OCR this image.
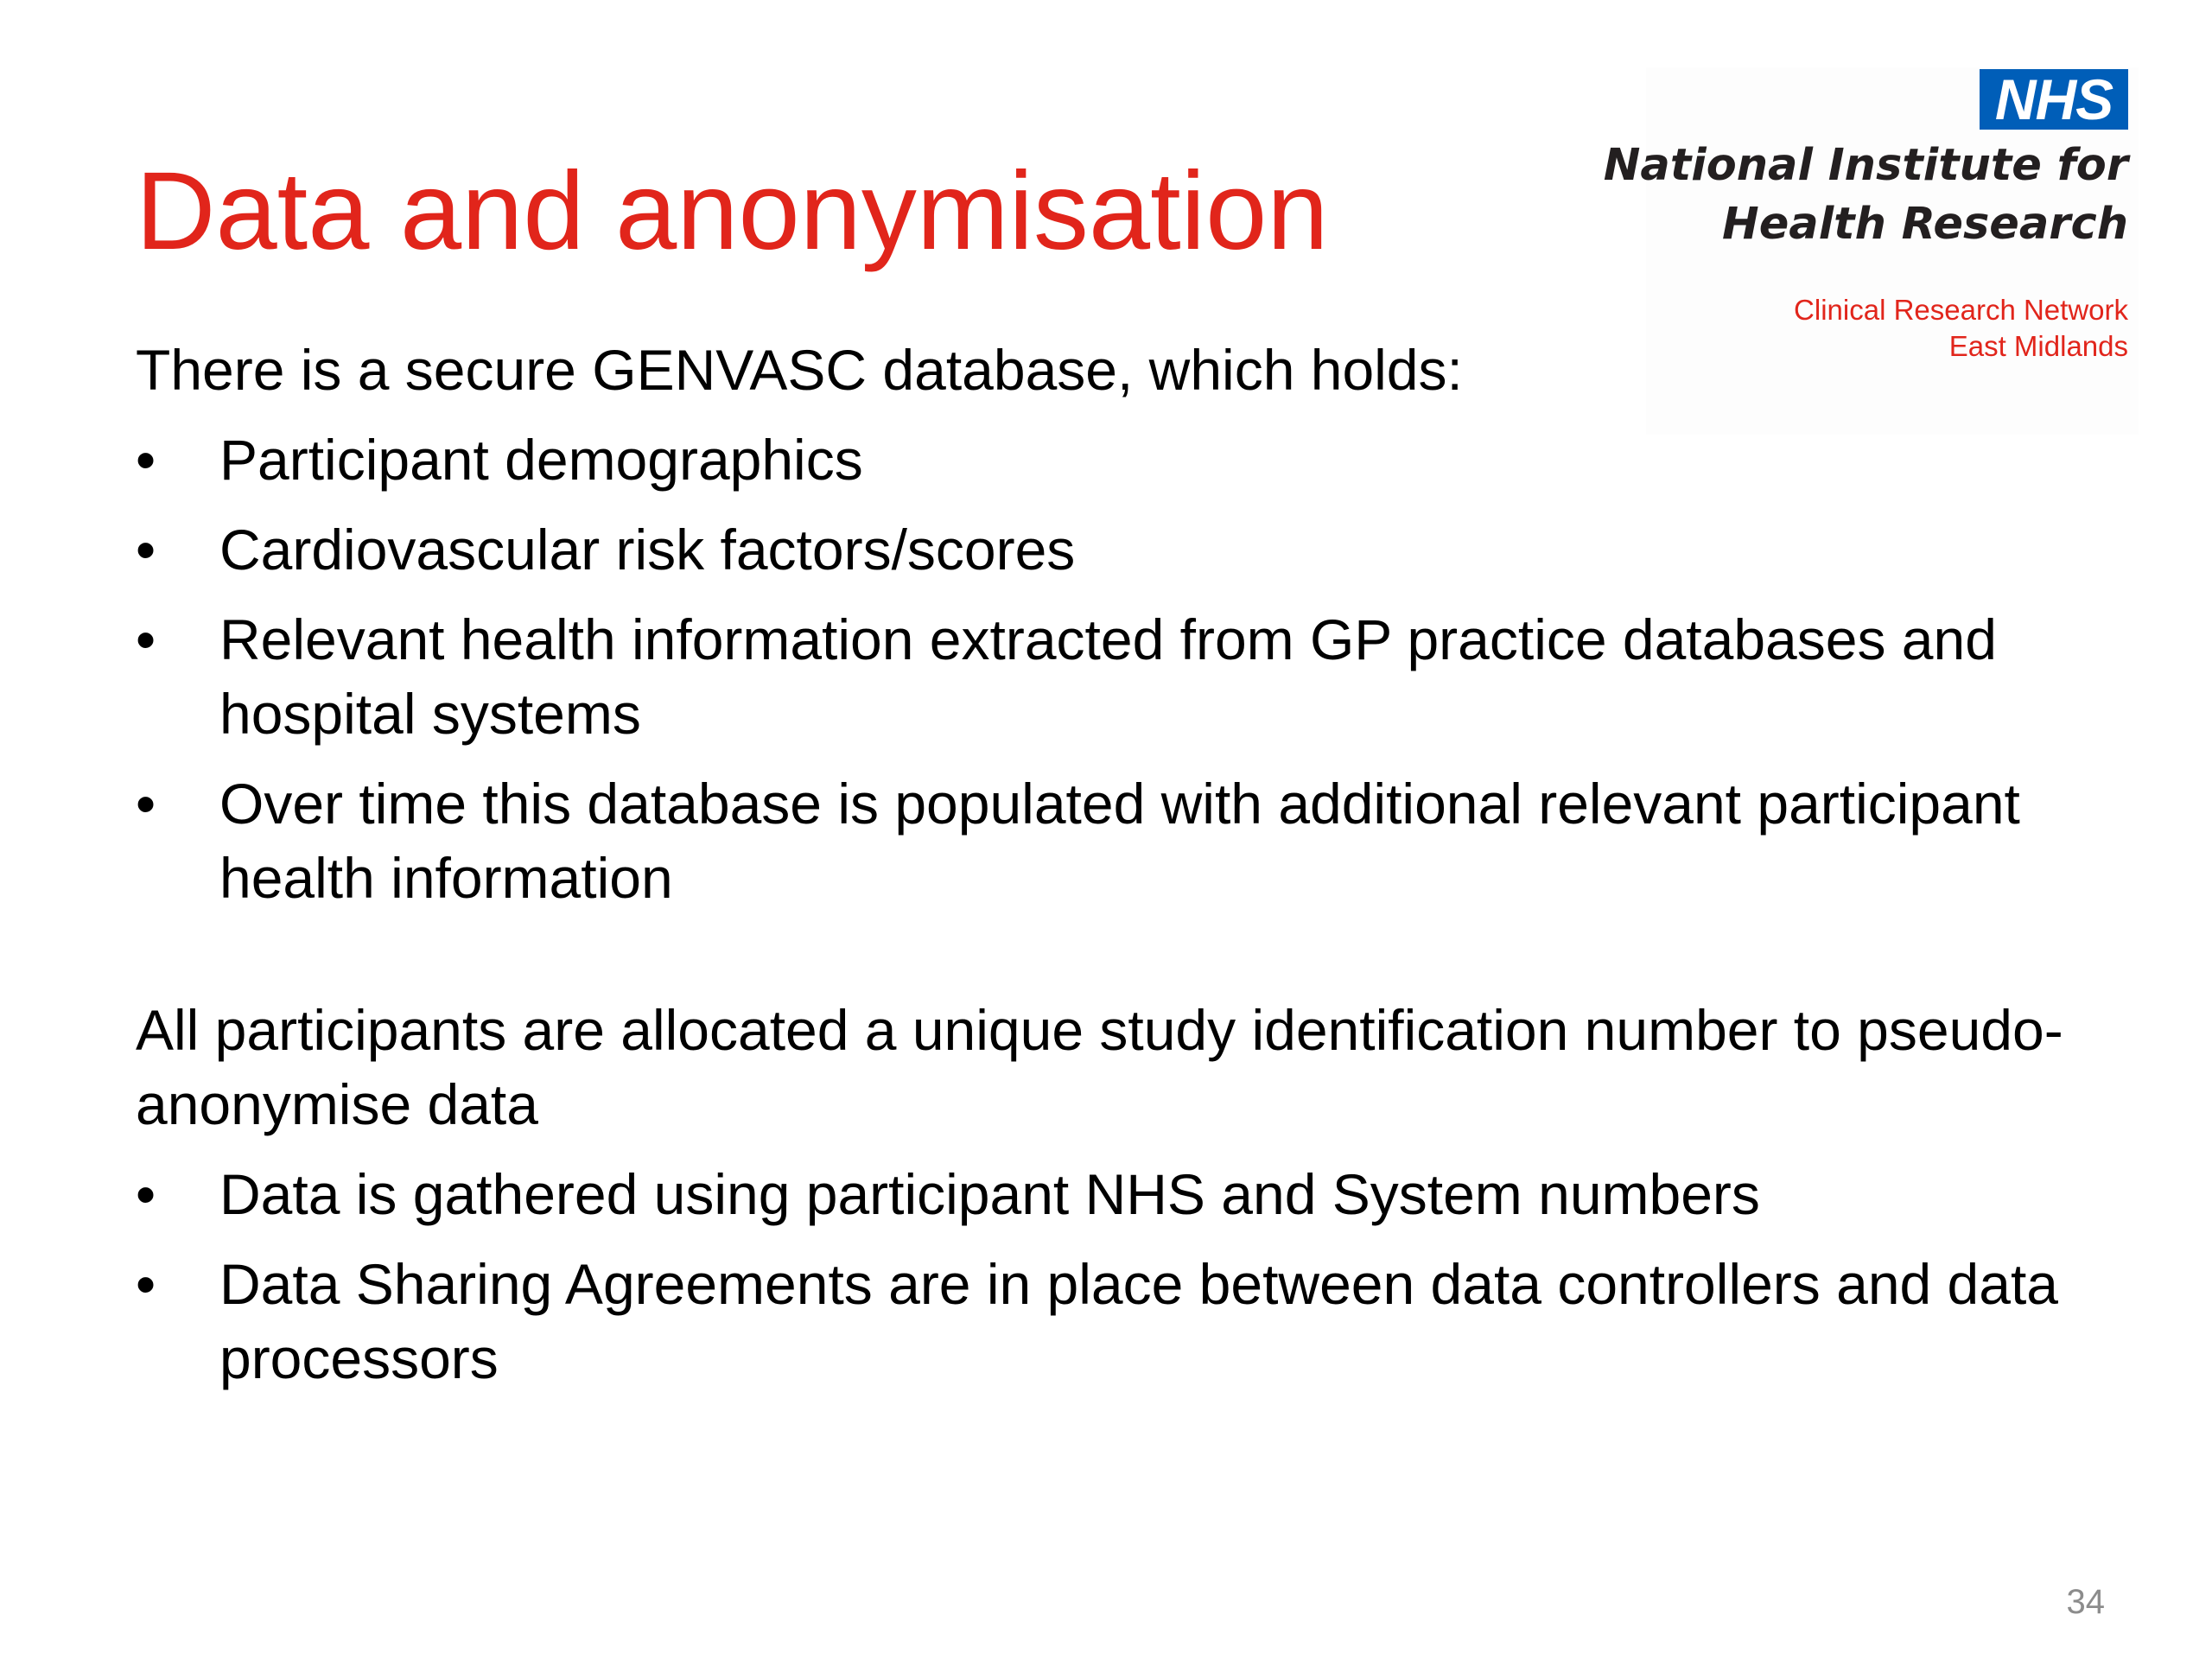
Data and anonymisation
NHS
National Institute for
Health Research
Clinical Research Network
East Midlands

There is a secure GENVASC database, which holds:

• Participant demographics
• Cardiovascular risk factors/scores
• Relevant health information extracted from GP practice databases and hospital systems
• Over time this database is populated with additional relevant participant health information

All participants are allocated a unique study identification number to pseudo-anonymise data

• Data is gathered using participant NHS and System numbers
• Data Sharing Agreements are in place between data controllers and data processors
34
